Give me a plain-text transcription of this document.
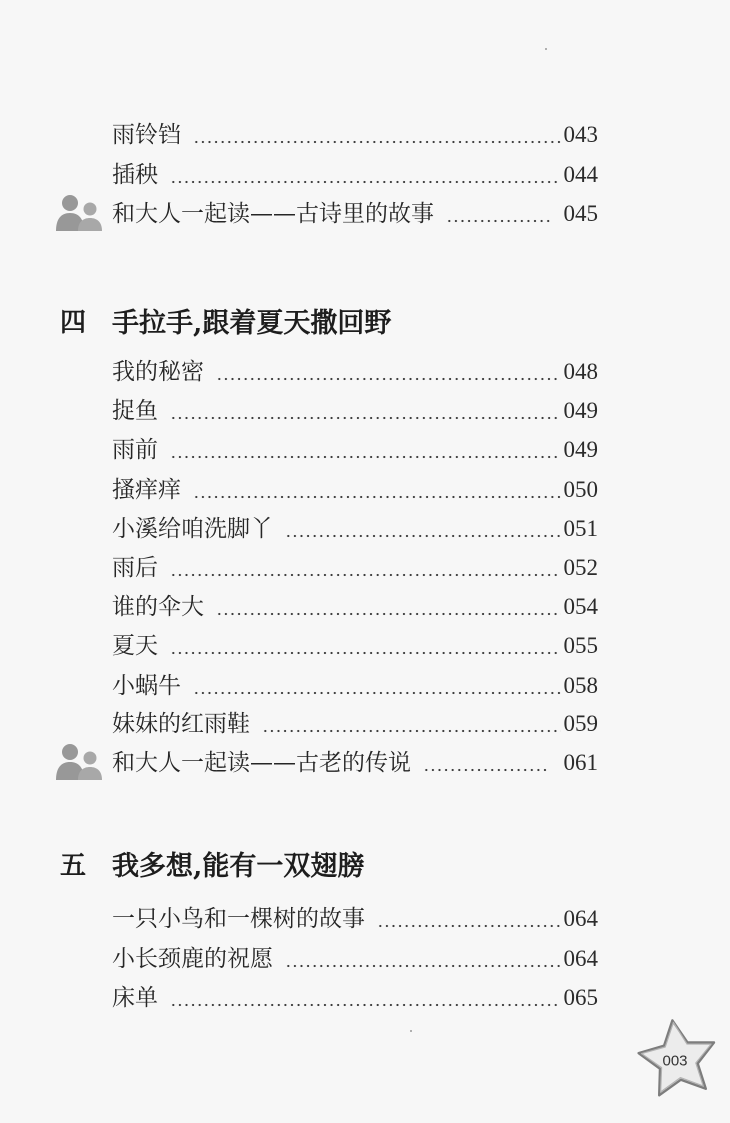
雨铃铛	043
插秧	044
和大人一起读——古诗里的故事	045
四 手拉手,跟着夏天撒回野
我的秘密	048
捉鱼	049
雨前	049
搔痒痒	050
小溪给咱洗脚丫	051
雨后	052
谁的伞大	054
夏天	055
小蜗牛	058
妹妹的红雨鞋	059
和大人一起读——古老的传说	061
五 我多想,能有一双翅膀
一只小鸟和一棵树的故事	064
小长颈鹿的祝愿	064
床单	065
003
